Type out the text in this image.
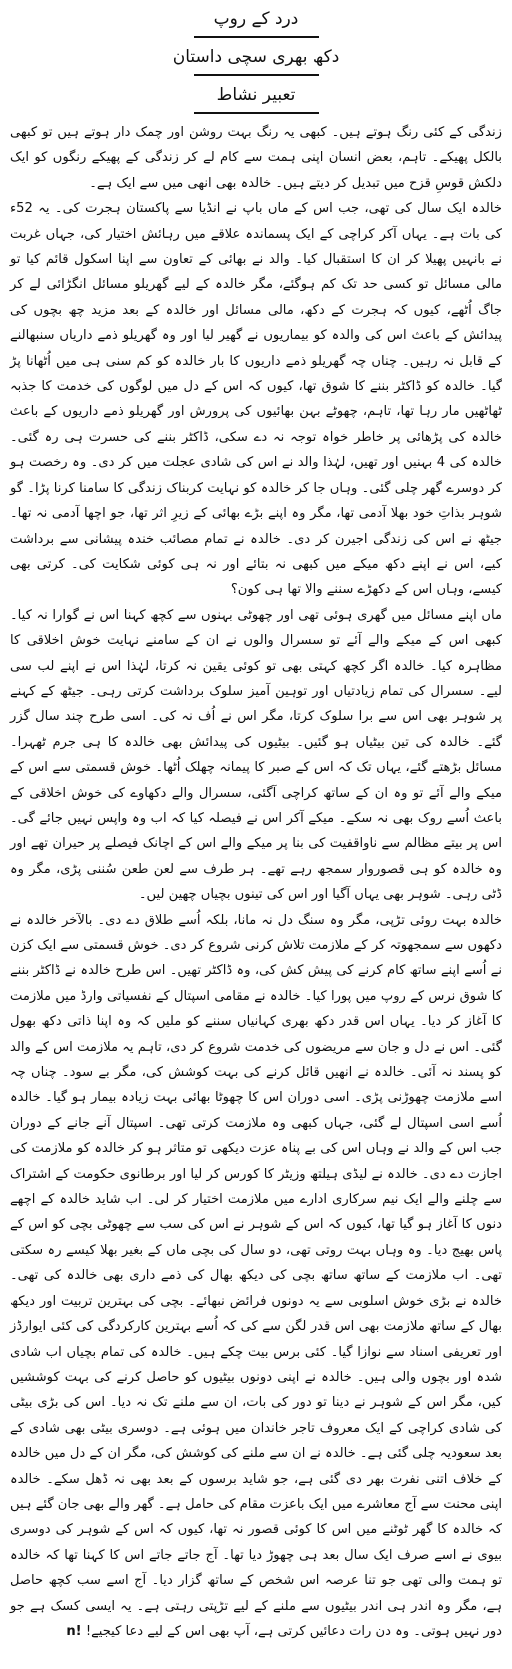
درد کے روپ
دکھ بھری سچی داستان
تعبیر نشاط

زندگی کے کئی رنگ ہوتے ہیں۔ کبھی یہ رنگ بہت روشن اور چمک دار ہوتے ہیں تو کبھی بالکل پھیکے۔ تاہم، بعض انسان اپنی ہمت سے کام لے کر زندگی کے پھیکے رنگوں کو ایک دلکش قوسِ قزح میں تبدیل کر دیتے ہیں۔ خالدہ بھی انھی میں سے ایک ہے۔

خالدہ ایک سال کی تھی، جب اس کے ماں باپ نے انڈیا سے پاکستان ہجرت کی۔ یہ 52ء کی بات ہے۔ یہاں آکر کراچی کے ایک پسماندہ علاقے میں رہائش اختیار کی، جہاں غربت نے بانہیں پھیلا کر ان کا استقبال کیا۔ والد نے بھائی کے تعاون سے اپنا اسکول قائم کیا تو مالی مسائل تو کسی حد تک کم ہوگئے، مگر خالدہ کے لیے گھریلو مسائل انگڑائی لے کر جاگ اُٹھے، کیوں کہ ہجرت کے دکھ، مالی مسائل اور خالدہ کے بعد مزید چھ بچوں کی پیدائش کے باعث اس کی والدہ کو بیماریوں نے گھیر لیا اور وہ گھریلو ذمے داریاں سنبھالنے کے قابل نہ رہیں۔ چناں چہ گھریلو ذمے داریوں کا بار خالدہ کو کم سنی ہی میں اُٹھانا پڑ گیا۔ خالدہ کو ڈاکٹر بننے کا شوق تھا، کیوں کہ اس کے دل میں لوگوں کی خدمت کا جذبہ ٹھاٹھیں مار رہا تھا، تاہم، چھوٹے بہن بھائیوں کی پرورش اور گھریلو ذمے داریوں کے باعث خالدہ کی پڑھائی پر خاطر خواہ توجہ نہ دے سکی، ڈاکٹر بننے کی حسرت ہی رہ گئی۔ خالدہ کی 4 بہنیں اور تھیں، لہٰذا والد نے اس کی شادی عجلت میں کر دی۔ وہ رخصت ہو کر دوسرے گھر چلی گئی۔ وہاں جا کر خالدہ کو نہایت کربناک زندگی کا سامنا کرنا پڑا۔ گو شوہر بذاتِ خود بھلا آدمی تھا، مگر وہ اپنے بڑے بھائی کے زیرِ اثر تھا، جو اچھا آدمی نہ تھا۔ جیٹھ نے اس کی زندگی اجیرن کر دی۔ خالدہ نے تمام مصائب خندہ پیشانی سے برداشت کیے، اس نے اپنے دکھ میکے میں کبھی نہ بتائے اور نہ ہی کوئی شکایت کی۔ کرتی بھی کیسے، وہاں اس کے دکھڑے سننے والا تھا ہی کون؟

ماں اپنے مسائل میں گھری ہوئی تھی اور چھوٹی بہنوں سے کچھ کہنا اس نے گوارا نہ کیا۔ کبھی اس کے میکے والے آئے تو سسرال والوں نے ان کے سامنے نہایت خوش اخلاقی کا مظاہرہ کیا۔ خالدہ اگر کچھ کہتی بھی تو کوئی یقین نہ کرتا، لہٰذا اس نے اپنے لب سی لیے۔ سسرال کی تمام زیادتیاں اور توہین آمیز سلوک برداشت کرتی رہی۔ جیٹھ کے کہنے پر شوہر بھی اس سے برا سلوک کرتا، مگر اس نے اُف نہ کی۔ اسی طرح چند سال گزر گئے۔ خالدہ کی تین بیٹیاں ہو گئیں۔ بیٹیوں کی پیدائش بھی خالدہ کا ہی جرم ٹھہرا۔ مسائل بڑھتے گئے، یہاں تک کہ اس کے صبر کا پیمانہ چھلک اُٹھا۔ خوش قسمتی سے اس کے میکے والے آئے تو وہ ان کے ساتھ کراچی آگئی، سسرال والے دکھاوے کی خوش اخلاقی کے باعث اُسے روک بھی نہ سکے۔ میکے آکر اس نے فیصلہ کیا کہ اب وہ واپس نہیں جائے گی۔ اس پر بیتے مظالم سے ناواقفیت کی بنا پر میکے والے اس کے اچانک فیصلے پر حیران تھے اور وہ خالدہ کو ہی قصوروار سمجھ رہے تھے۔ ہر طرف سے لعن طعن سُننی پڑی، مگر وہ ڈٹی رہی۔ شوہر بھی یہاں آگیا اور اس کی تینوں بچیاں چھین لیں۔

خالدہ بہت روئی تڑپی، مگر وہ سنگ دل نہ مانا، بلکہ اُسے طلاق دے دی۔ بالآخر خالدہ نے دکھوں سے سمجھوتہ کر کے ملازمت تلاش کرنی شروع کر دی۔ خوش قسمتی سے ایک کزن نے اُسے اپنے ساتھ کام کرنے کی پیش کش کی، وہ ڈاکٹر تھیں۔ اس طرح خالدہ نے ڈاکٹر بننے کا شوق نرس کے روپ میں پورا کیا۔ خالدہ نے مقامی اسپتال کے نفسیاتی وارڈ میں ملازمت کا آغاز کر دیا۔ یہاں اس قدر دکھ بھری کہانیاں سننے کو ملیں کہ وہ اپنا ذاتی دکھ بھول گئی۔ اس نے دل و جان سے مریضوں کی خدمت شروع کر دی، تاہم یہ ملازمت اس کے والد کو پسند نہ آئی۔ خالدہ نے انھیں قائل کرنے کی بہت کوشش کی، مگر بے سود۔ چناں چہ اسے ملازمت چھوڑنی پڑی۔ اسی دوران اس کا چھوٹا بھائی بہت زیادہ بیمار ہو گیا۔ خالدہ اُسے اسی اسپتال لے گئی، جہاں کبھی وہ ملازمت کرتی تھی۔ اسپتال آنے جانے کے دوران جب اس کے والد نے وہاں اس کی بے پناہ عزت دیکھی تو متاثر ہو کر خالدہ کو ملازمت کی اجازت دے دی۔ خالدہ نے لیڈی ہیلتھ وزیٹر کا کورس کر لیا اور برطانوی حکومت کے اشتراک سے چلنے والے ایک نیم سرکاری ادارے میں ملازمت اختیار کر لی۔ اب شاید خالدہ کے اچھے دنوں کا آغاز ہو گیا تھا، کیوں کہ اس کے شوہر نے اس کی سب سے چھوٹی بچی کو اس کے پاس بھیج دیا۔ وہ وہاں بہت روتی تھی، دو سال کی بچی ماں کے بغیر بھلا کیسے رہ سکتی تھی۔ اب ملازمت کے ساتھ ساتھ بچی کی دیکھ بھال کی ذمے داری بھی خالدہ کی تھی۔ خالدہ نے بڑی خوش اسلوبی سے یہ دونوں فرائض نبھائے۔ بچی کی بہترین تربیت اور دیکھ بھال کے ساتھ ملازمت بھی اس قدر لگن سے کی کہ اُسے بہترین کارکردگی کی کئی ایوارڈز اور تعریفی اسناد سے نوازا گیا۔ کئی برس بیت چکے ہیں۔ خالدہ کی تمام بچیاں اب شادی شدہ اور بچوں والی ہیں۔ خالدہ نے اپنی دونوں بیٹیوں کو حاصل کرنے کی بہت کوششیں کیں، مگر اس کے شوہر نے دینا تو دور کی بات، ان سے ملنے تک نہ دیا۔ اس کی بڑی بیٹی کی شادی کراچی کے ایک معروف تاجر خاندان میں ہوئی ہے۔ دوسری بیٹی بھی شادی کے بعد سعودیہ چلی گئی ہے۔ خالدہ نے ان سے ملنے کی کوشش کی، مگر ان کے دل میں خالدہ کے خلاف اتنی نفرت بھر دی گئی ہے، جو شاید برسوں کے بعد بھی نہ ڈھل سکے۔ خالدہ اپنی محنت سے آج معاشرے میں ایک باعزت مقام کی حامل ہے۔ گھر والے بھی جان گئے ہیں کہ خالدہ کا گھر ٹوٹنے میں اس کا کوئی قصور نہ تھا، کیوں کہ اس کے شوہر کی دوسری بیوی نے اسے صرف ایک سال بعد ہی چھوڑ دیا تھا۔ آج جاتے جاتے اس کا کہنا تھا کہ خالدہ تو ہمت والی تھی جو تنا عرصہ اس شخص کے ساتھ گزار دیا۔ آج اسے سب کچھ حاصل ہے، مگر وہ اندر ہی اندر بیٹیوں سے ملنے کے لیے تڑپتی رہتی ہے۔ یہ ایسی کسک ہے جو دور نہیں ہوتی۔ وہ دن رات دعائیں کرتی ہے، آپ بھی اس کے لیے دعا کیجیے! n!
